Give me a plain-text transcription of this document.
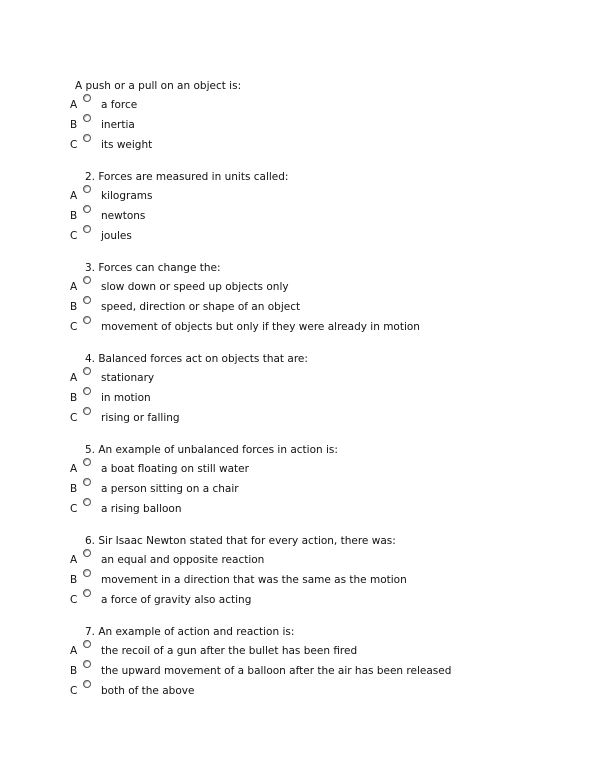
A push or a pull on an object is:
A a force
B inertia
C its weight
2. Forces are measured in units called:
A kilograms
B newtons
C joules
3. Forces can change the:
A slow down or speed up objects only
B speed, direction or shape of an object
C movement of objects but only if they were already in motion
4. Balanced forces act on objects that are:
A stationary
B in motion
C rising or falling
5. An example of unbalanced forces in action is:
A a boat floating on still water
B a person sitting on a chair
C a rising balloon
6. Sir Isaac Newton stated that for every action, there was:
A an equal and opposite reaction
B movement in a direction that was the same as the motion
C a force of gravity also acting
7. An example of action and reaction is:
A the recoil of a gun after the bullet has been fired
B the upward movement of a balloon after the air has been released
C both of the above
